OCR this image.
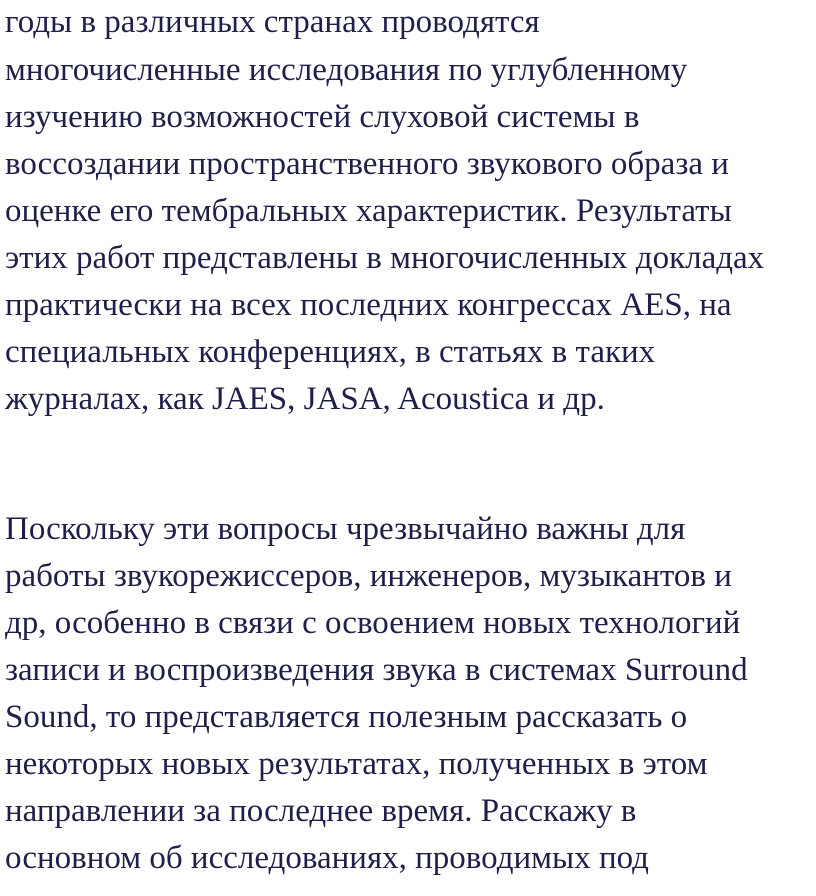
годы в различных странах проводятся
многочисленные исследования по углубленному
изучению возможностей слуховой системы в
воссоздании пространственного звукового образа и
оценке его тембральных характеристик. Результаты
этих работ представлены в многочисленных докладах
практически на всех последних конгрессах AES, на
специальных конференциях, в статьях в таких
журналах, как JAES, JASA, Acoustica и др.
Поскольку эти вопросы чрезвычайно важны для
работы звукорежиссеров, инженеров, музыкантов и
др, особенно в связи с освоением новых технологий
записи и воспроизведения звука в системах Surround
Sound, то представляется полезным рассказать о
некоторых новых результатах, полученных в этом
направлении за последнее время. Расскажу в
основном об исследованиях, проводимых под
